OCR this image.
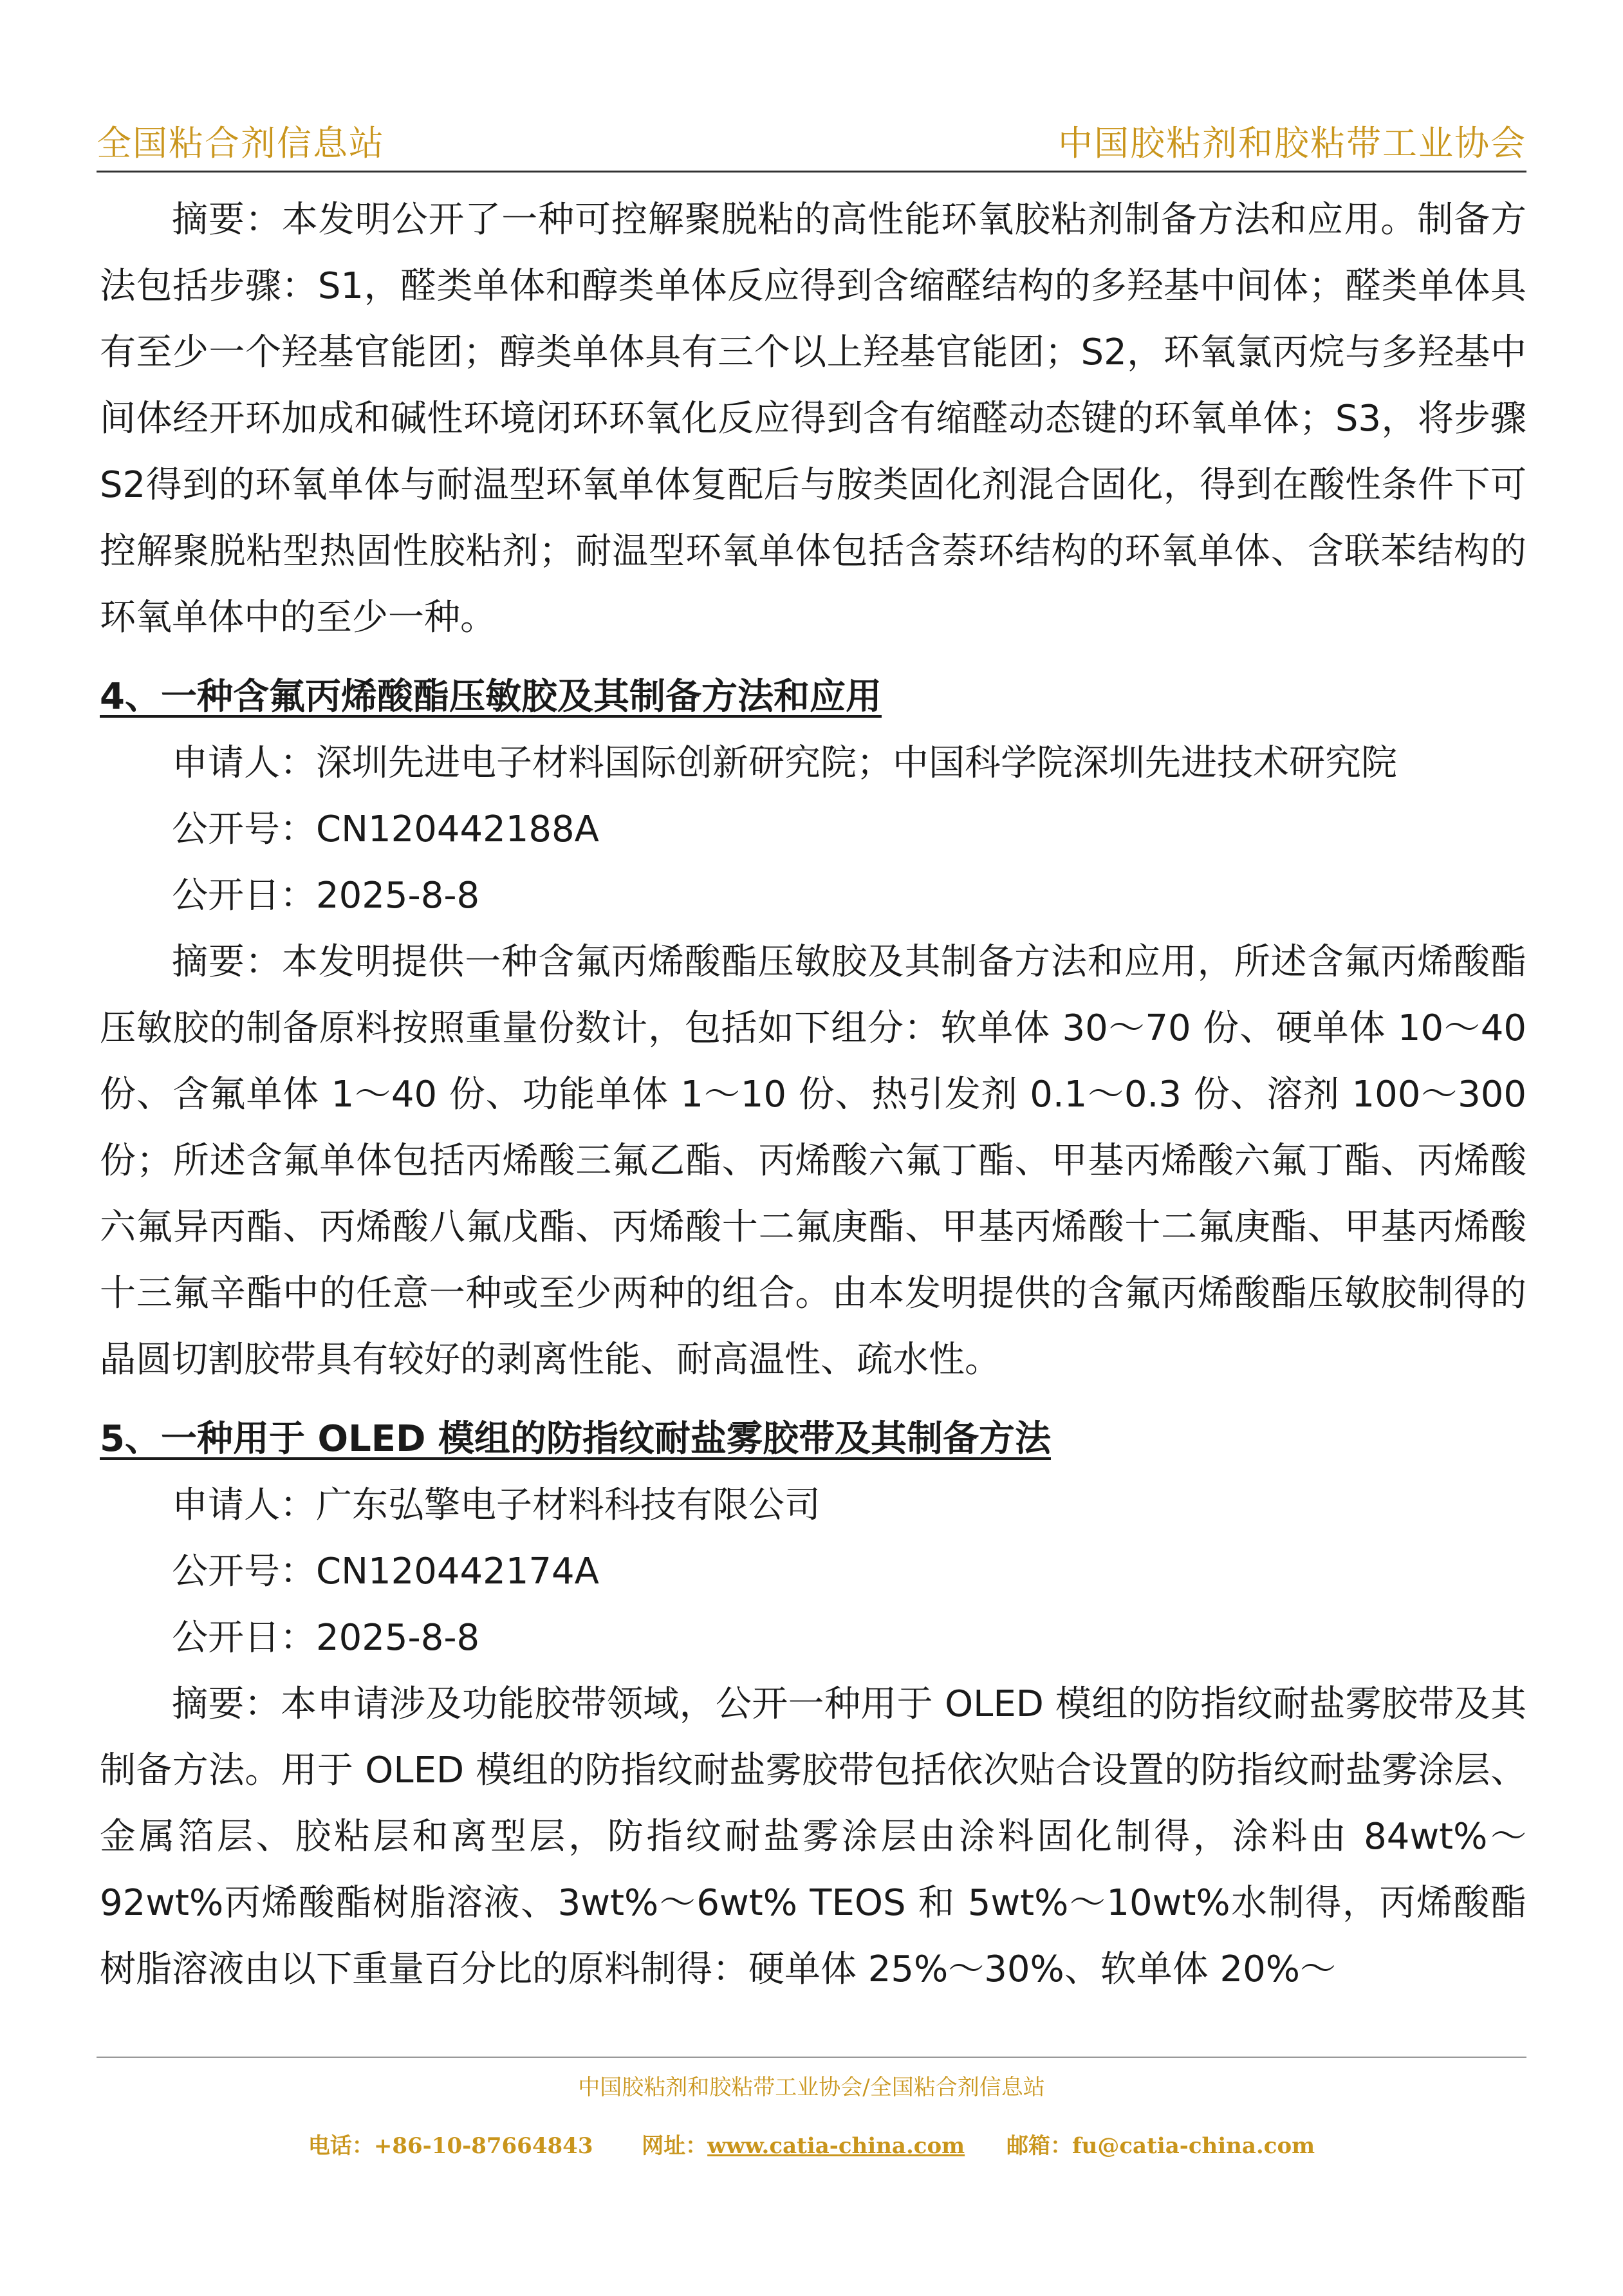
全国粘合剂信息站	中国胶粘剂和胶粘带工业协会

摘要：本发明公开了一种可控解聚脱粘的高性能环氧胶粘剂制备方法和应用。制备方法包括步骤：S1，醛类单体和醇类单体反应得到含缩醛结构的多羟基中间体；醛类单体具有至少一个羟基官能团；醇类单体具有三个以上羟基官能团；S2，环氧氯丙烷与多羟基中间体经开环加成和碱性环境闭环环氧化反应得到含有缩醛动态键的环氧单体；S3，将步骤S2得到的环氧单体与耐温型环氧单体复配后与胺类固化剂混合固化，得到在酸性条件下可控解聚脱粘型热固性胶粘剂；耐温型环氧单体包括含萘环结构的环氧单体、含联苯结构的环氧单体中的至少一种。

4、一种含氟丙烯酸酯压敏胶及其制备方法和应用

申请人：深圳先进电子材料国际创新研究院；中国科学院深圳先进技术研究院

公开号：CN120442188A

公开日：2025-8-8

摘要：本发明提供一种含氟丙烯酸酯压敏胶及其制备方法和应用，所述含氟丙烯酸酯压敏胶的制备原料按照重量份数计，包括如下组分：软单体 30～70 份、硬单体 10～40 份、含氟单体 1～40 份、功能单体 1～10 份、热引发剂 0.1～0.3 份、溶剂 100～300 份；所述含氟单体包括丙烯酸三氟乙酯、丙烯酸六氟丁酯、甲基丙烯酸六氟丁酯、丙烯酸六氟异丙酯、丙烯酸八氟戊酯、丙烯酸十二氟庚酯、甲基丙烯酸十二氟庚酯、甲基丙烯酸十三氟辛酯中的任意一种或至少两种的组合。由本发明提供的含氟丙烯酸酯压敏胶制得的晶圆切割胶带具有较好的剥离性能、耐高温性、疏水性。

5、一种用于 OLED 模组的防指纹耐盐雾胶带及其制备方法

申请人：广东弘擎电子材料科技有限公司

公开号：CN120442174A

公开日：2025-8-8

摘要：本申请涉及功能胶带领域，公开一种用于 OLED 模组的防指纹耐盐雾胶带及其制备方法。用于 OLED 模组的防指纹耐盐雾胶带包括依次贴合设置的防指纹耐盐雾涂层、金属箔层、胶粘层和离型层，防指纹耐盐雾涂层由涂料固化制得，涂料由 84wt%～92wt%丙烯酸酯树脂溶液、3wt%～6wt% TEOS 和 5wt%～10wt%水制得，丙烯酸酯树脂溶液由以下重量百分比的原料制得：硬单体 25%～30%、软单体 20%～

中国胶粘剂和胶粘带工业协会/全国粘合剂信息站
电话：+86-10-87664843 网址：www.catia-china.com 邮箱：fu@catia-china.com
